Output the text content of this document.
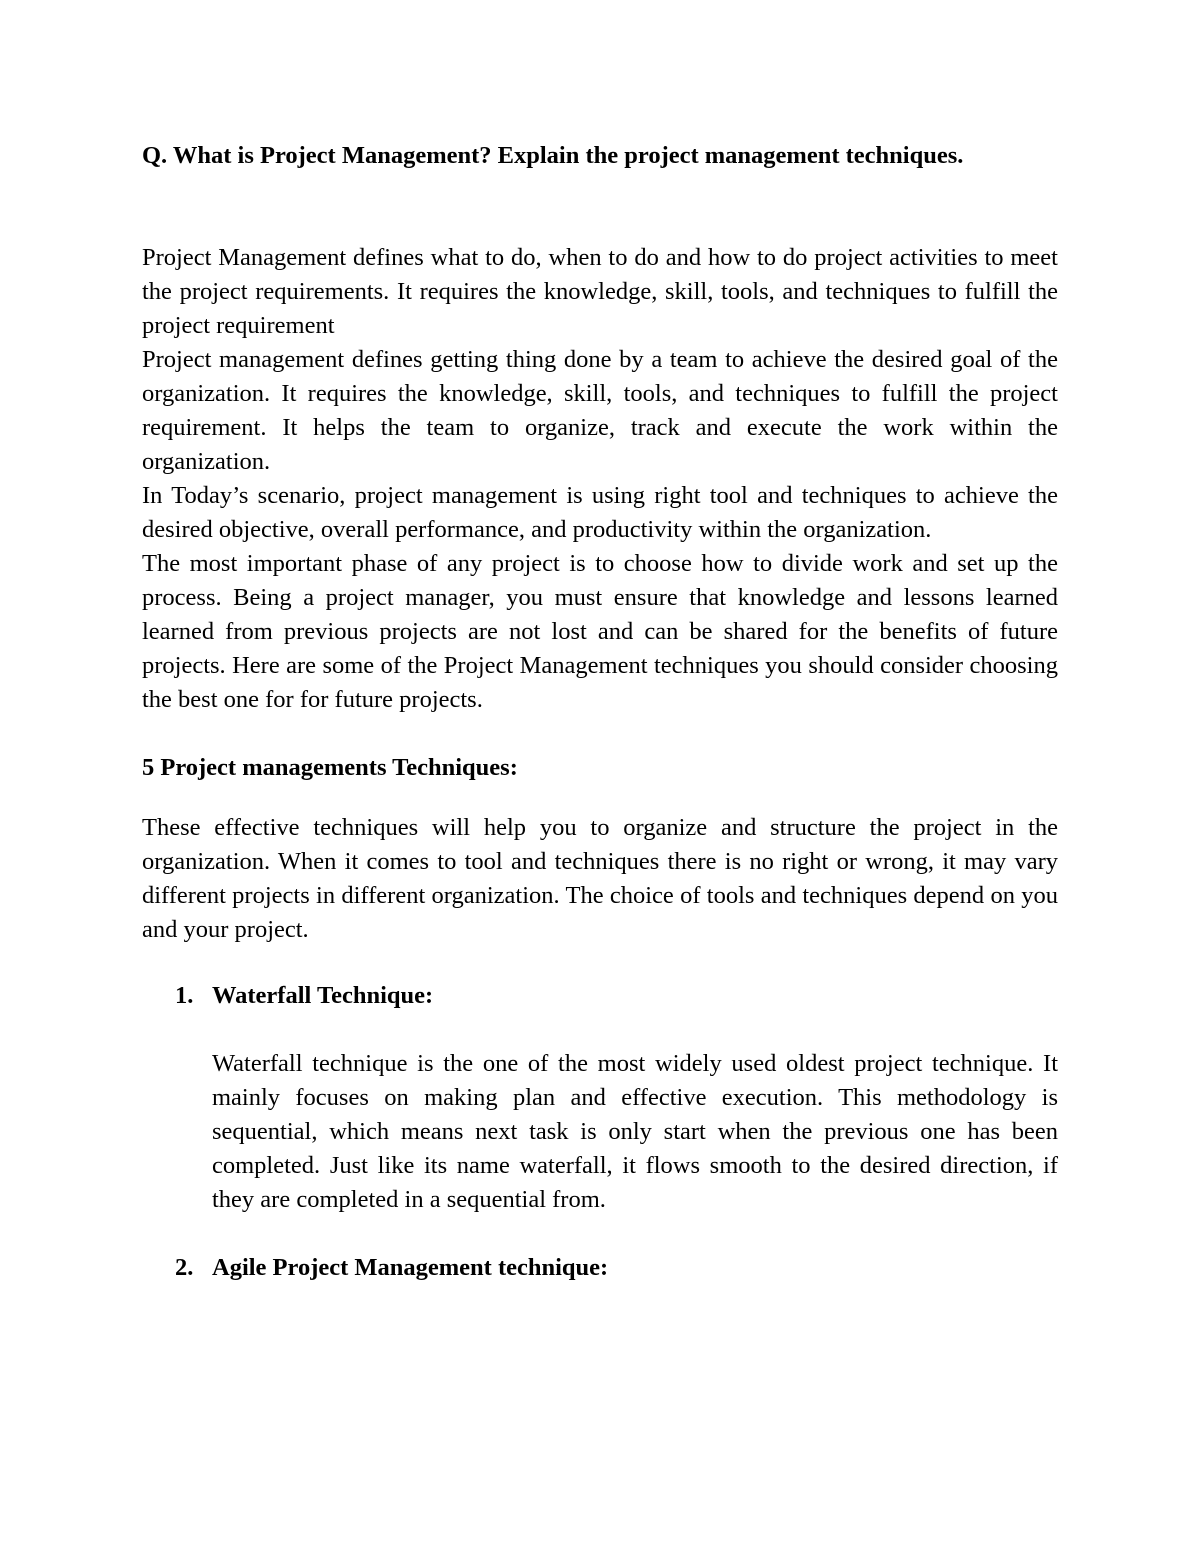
Q. What is Project Management? Explain the project management techniques.

Project Management defines what to do, when to do and how to do project activities to meet the project requirements. It requires the knowledge, skill, tools, and techniques to fulfill the project requirement

Project management defines getting thing done by a team to achieve the desired goal of the organization. It requires the knowledge, skill, tools, and techniques to fulfill the project requirement. It helps the team to organize, track and execute the work within the organization.

In Today’s scenario, project management is using right tool and techniques to achieve the desired objective, overall performance, and productivity within the organization.

The most important phase of any project is to choose how to divide work and set up the process. Being a project manager, you must ensure that knowledge and lessons learned learned from previous projects are not lost and can be shared for the benefits of future projects. Here are some of the Project Management techniques you should consider choosing the best one for for future projects.

5 Project managements Techniques:

These effective techniques will help you to organize and structure the project in the organization. When it comes to tool and techniques there is no right or wrong, it may vary different projects in different organization. The choice of tools and techniques depend on you and your project.

1. Waterfall Technique:

Waterfall technique is the one of the most widely used oldest project technique. It mainly focuses on making plan and effective execution. This methodology is sequential, which means next task is only start when the previous one has been completed. Just like its name waterfall, it flows smooth to the desired direction, if they are completed in a sequential from.

2. Agile Project Management technique:
